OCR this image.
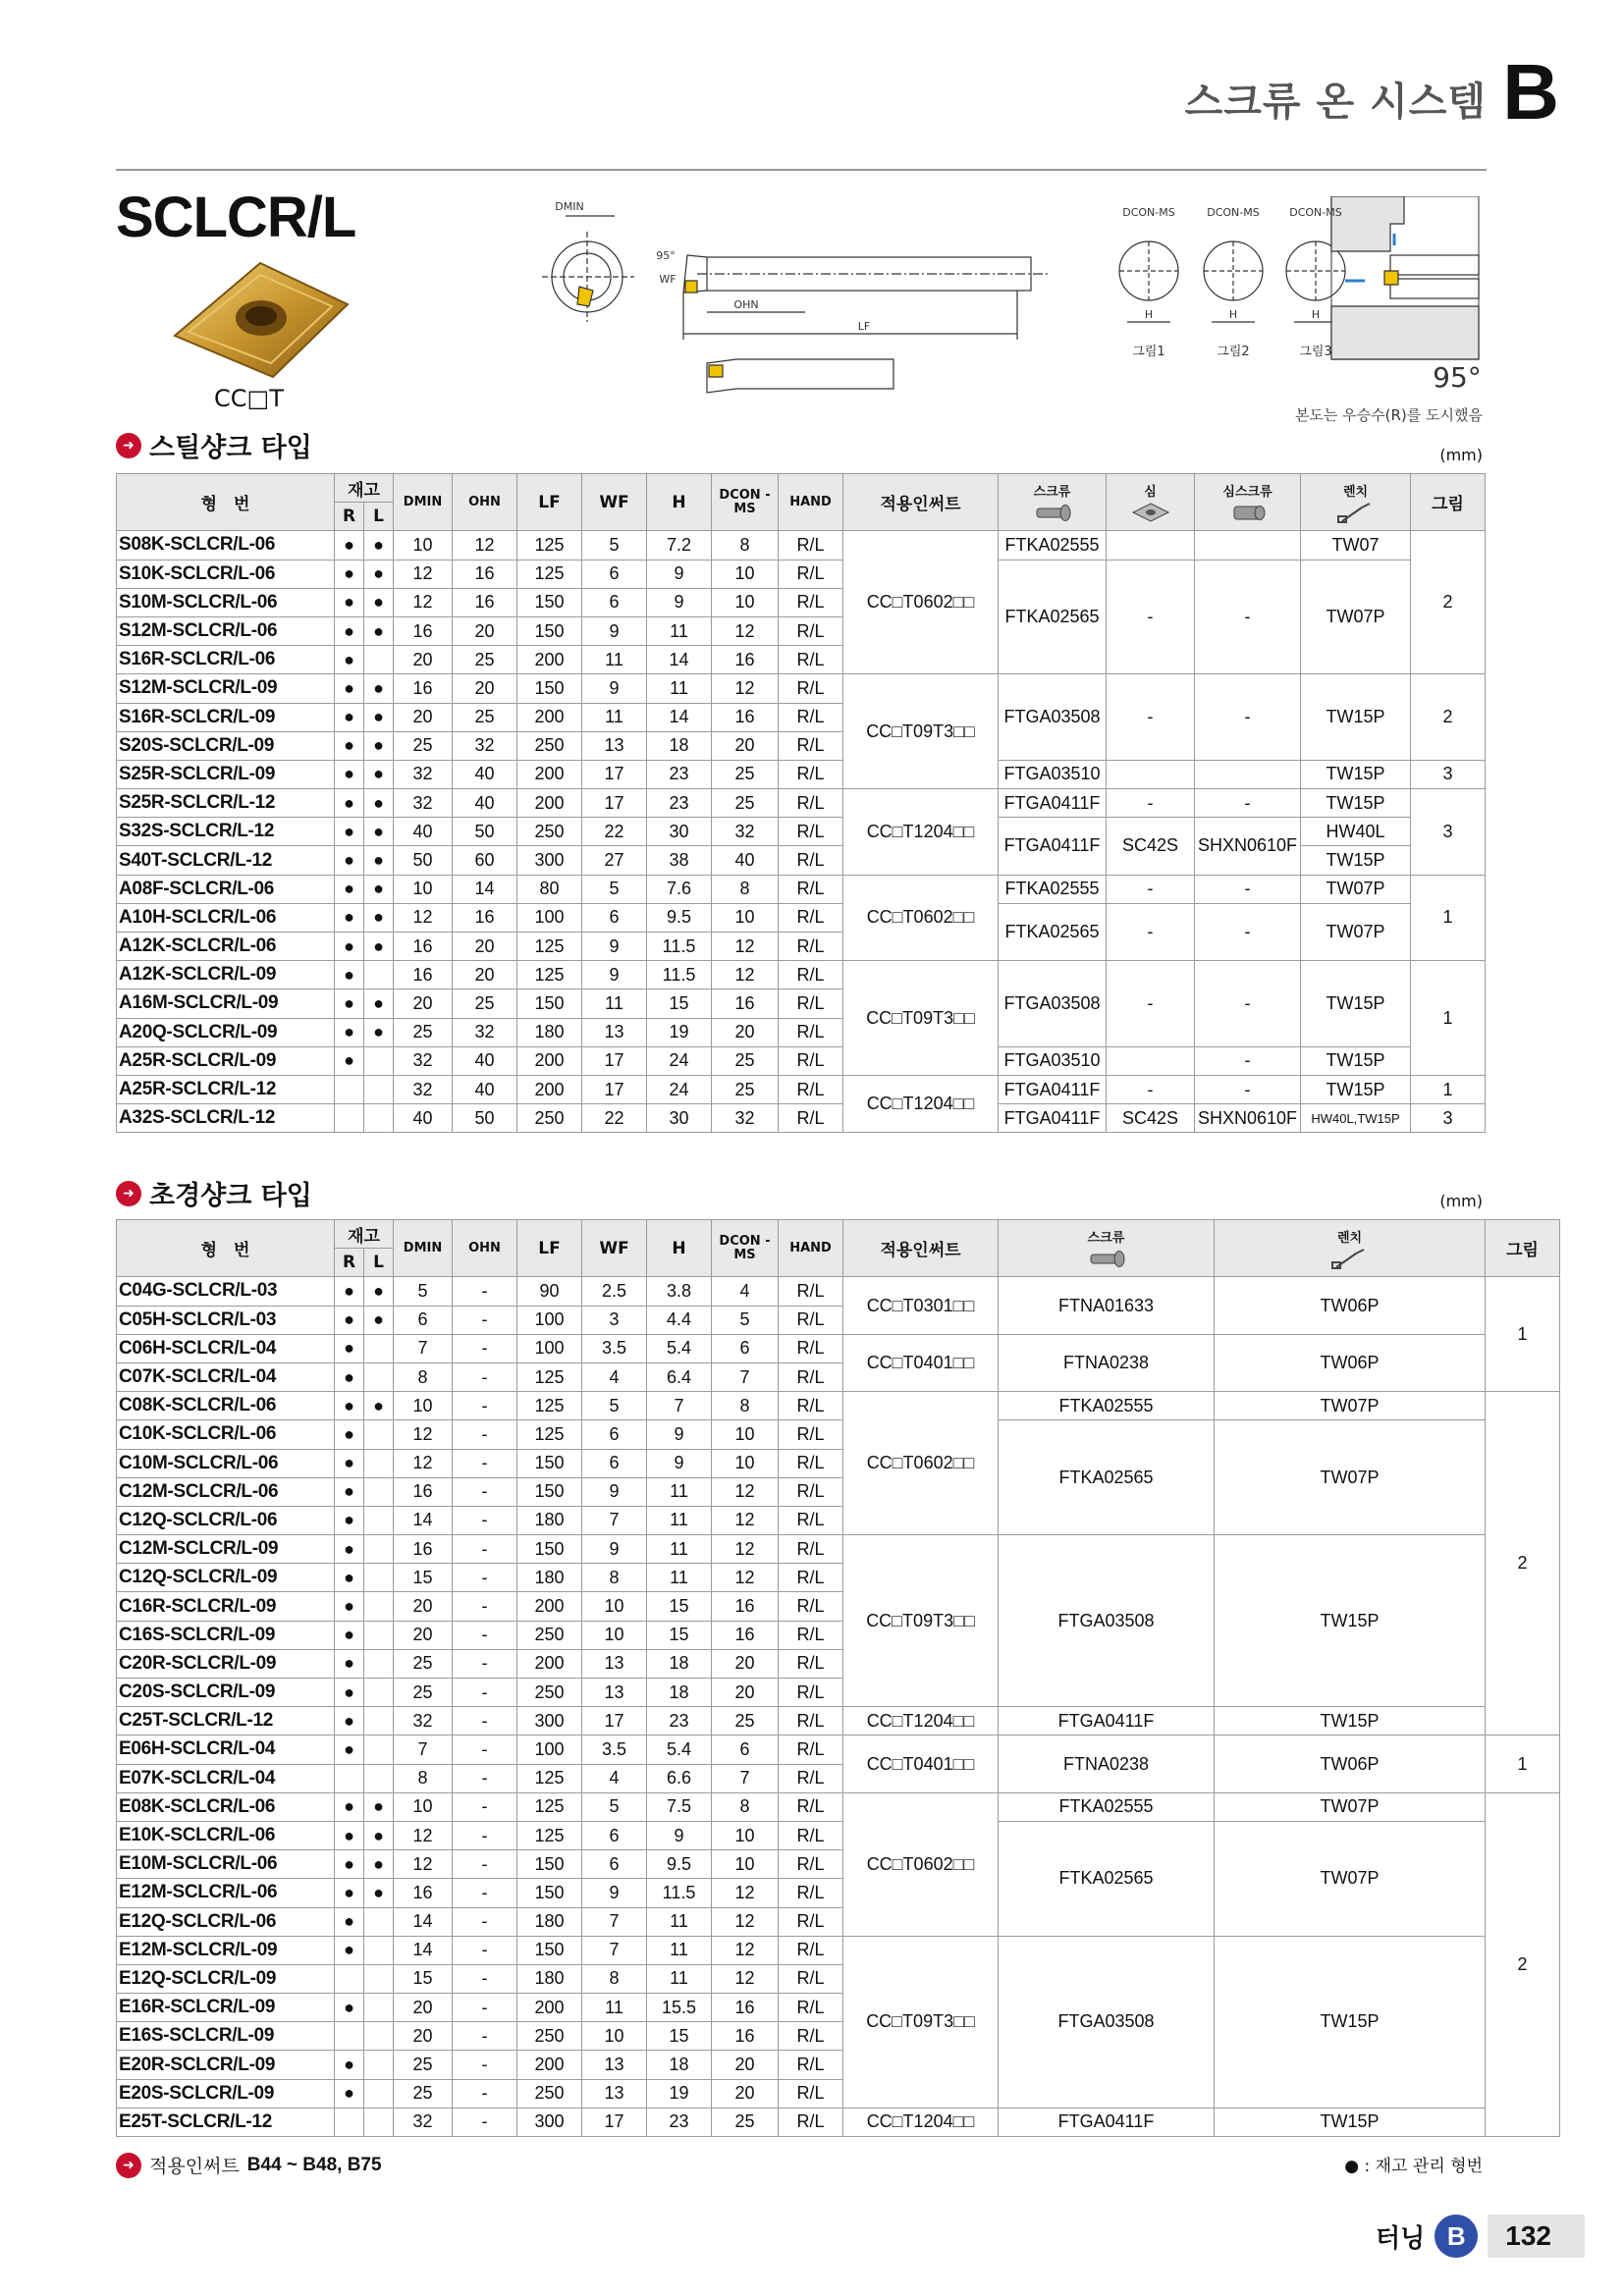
스크류 온 시스템 B
SCLCR/L
CC□T
DMIN
95°
WF
OHN
LF
DCON-MS	DCON-MS	DCON-MS
H	H	H
그림1	그림2	그림3
95°
본도는 우승수(R)를 도시했음
➜ 스틸샹크 타입	(mm)
형　번	재고		DMIN	OHN	LF	WF	H	DCON -MS	HAND	적용인써트	스크류	심	심스크류	렌치	그림
	R	L													
S08K-SCLCR/L-06	●	●	10	12	125	5	7.2	8	R/L	CC□T0602□□	FTKA02555			TW07	2
S10K-SCLCR/L-06	●	●	12	16	125	6	9	10	R/L		FTKA02565	-	-	TW07P	
S10M-SCLCR/L-06	●	●	12	16	150	6	9	10	R/L						
S12M-SCLCR/L-06	●	●	16	20	150	9	11	12	R/L						
S16R-SCLCR/L-06	●		20	25	200	11	14	16	R/L						
S12M-SCLCR/L-09	●	●	16	20	150	9	11	12	R/L	CC□T09T3□□	FTGA03508	-	-	TW15P	2
S16R-SCLCR/L-09	●	●	20	25	200	11	14	16	R/L						
S20S-SCLCR/L-09	●	●	25	32	250	13	18	20	R/L						
S25R-SCLCR/L-09	●	●	32	40	200	17	23	25	R/L		FTGA03510			TW15P	3
S25R-SCLCR/L-12	●	●	32	40	200	17	23	25	R/L	CC□T1204□□	FTGA0411F	-	-	TW15P	3
S32S-SCLCR/L-12	●	●	40	50	250	22	30	32	R/L		FTGA0411F	SC42S	SHXN0610F	HW40L	
S40T-SCLCR/L-12	●	●	50	60	300	27	38	40	R/L					TW15P	
A08F-SCLCR/L-06	●	●	10	14	80	5	7.6	8	R/L	CC□T0602□□	FTKA02555	-	-	TW07P	1
A10H-SCLCR/L-06	●	●	12	16	100	6	9.5	10	R/L		FTKA02565	-	-	TW07P	
A12K-SCLCR/L-06	●	●	16	20	125	9	11.5	12	R/L						
A12K-SCLCR/L-09	●		16	20	125	9	11.5	12	R/L	CC□T09T3□□	FTGA03508	-	-	TW15P	1
A16M-SCLCR/L-09	●	●	20	25	150	11	15	16	R/L						
A20Q-SCLCR/L-09	●	●	25	32	180	13	19	20	R/L						
A25R-SCLCR/L-09	●		32	40	200	17	24	25	R/L		FTGA03510		-	TW15P	
A25R-SCLCR/L-12			32	40	200	17	24	25	R/L	CC□T1204□□	FTGA0411F	-	-	TW15P	1
A32S-SCLCR/L-12			40	50	250	22	30	32	R/L		FTGA0411F	SC42S	SHXN0610F	HW40L,TW15P	3
➜ 초경샹크 타입	(mm)
형　번	재고		DMIN	OHN	LF	WF	H	DCON -MS	HAND	적용인써트	스크류	렌치	그림
	R	L											
C04G-SCLCR/L-03	●	●	5	-	90	2.5	3.8	4	R/L	CC□T0301□□	FTNA01633	TW06P	1
C05H-SCLCR/L-03	●	●	6	-	100	3	4.4	5	R/L				
C06H-SCLCR/L-04	●		7	-	100	3.5	5.4	6	R/L	CC□T0401□□	FTNA0238	TW06P	
C07K-SCLCR/L-04	●		8	-	125	4	6.4	7	R/L				
C08K-SCLCR/L-06	●	●	10	-	125	5	7	8	R/L	CC□T0602□□	FTKA02555	TW07P	2
C10K-SCLCR/L-06	●		12	-	125	6	9	10	R/L		FTKA02565	TW07P	
C10M-SCLCR/L-06	●		12	-	150	6	9	10	R/L				
C12M-SCLCR/L-06	●		16	-	150	9	11	12	R/L				
C12Q-SCLCR/L-06	●		14	-	180	7	11	12	R/L				
C12M-SCLCR/L-09	●		16	-	150	9	11	12	R/L	CC□T09T3□□	FTGA03508	TW15P	
C12Q-SCLCR/L-09	●		15	-	180	8	11	12	R/L				
C16R-SCLCR/L-09	●		20	-	200	10	15	16	R/L				
C16S-SCLCR/L-09	●		20	-	250	10	15	16	R/L				
C20R-SCLCR/L-09	●		25	-	200	13	18	20	R/L				
C20S-SCLCR/L-09	●		25	-	250	13	18	20	R/L				
C25T-SCLCR/L-12	●		32	-	300	17	23	25	R/L	CC□T1204□□	FTGA0411F	TW15P	
E06H-SCLCR/L-04	●		7	-	100	3.5	5.4	6	R/L	CC□T0401□□	FTNA0238	TW06P	1
E07K-SCLCR/L-04			8	-	125	4	6.6	7	R/L				
E08K-SCLCR/L-06	●	●	10	-	125	5	7.5	8	R/L	CC□T0602□□	FTKA02555	TW07P	2
E10K-SCLCR/L-06	●	●	12	-	125	6	9	10	R/L		FTKA02565	TW07P	
E10M-SCLCR/L-06	●	●	12	-	150	6	9.5	10	R/L				
E12M-SCLCR/L-06	●	●	16	-	150	9	11.5	12	R/L				
E12Q-SCLCR/L-06	●		14	-	180	7	11	12	R/L				
E12M-SCLCR/L-09	●		14	-	150	7	11	12	R/L	CC□T09T3□□	FTGA03508	TW15P	
E12Q-SCLCR/L-09			15	-	180	8	11	12	R/L				
E16R-SCLCR/L-09	●		20	-	200	11	15.5	16	R/L				
E16S-SCLCR/L-09			20	-	250	10	15	16	R/L				
E20R-SCLCR/L-09	●		25	-	200	13	18	20	R/L				
E20S-SCLCR/L-09	●		25	-	250	13	19	20	R/L				
E25T-SCLCR/L-12			32	-	300	17	23	25	R/L	CC□T1204□□	FTGA0411F	TW15P	
➜ 적용인써트 B44 ~ B48, B75	● : 재고 관리 형번
터닝 B	132
